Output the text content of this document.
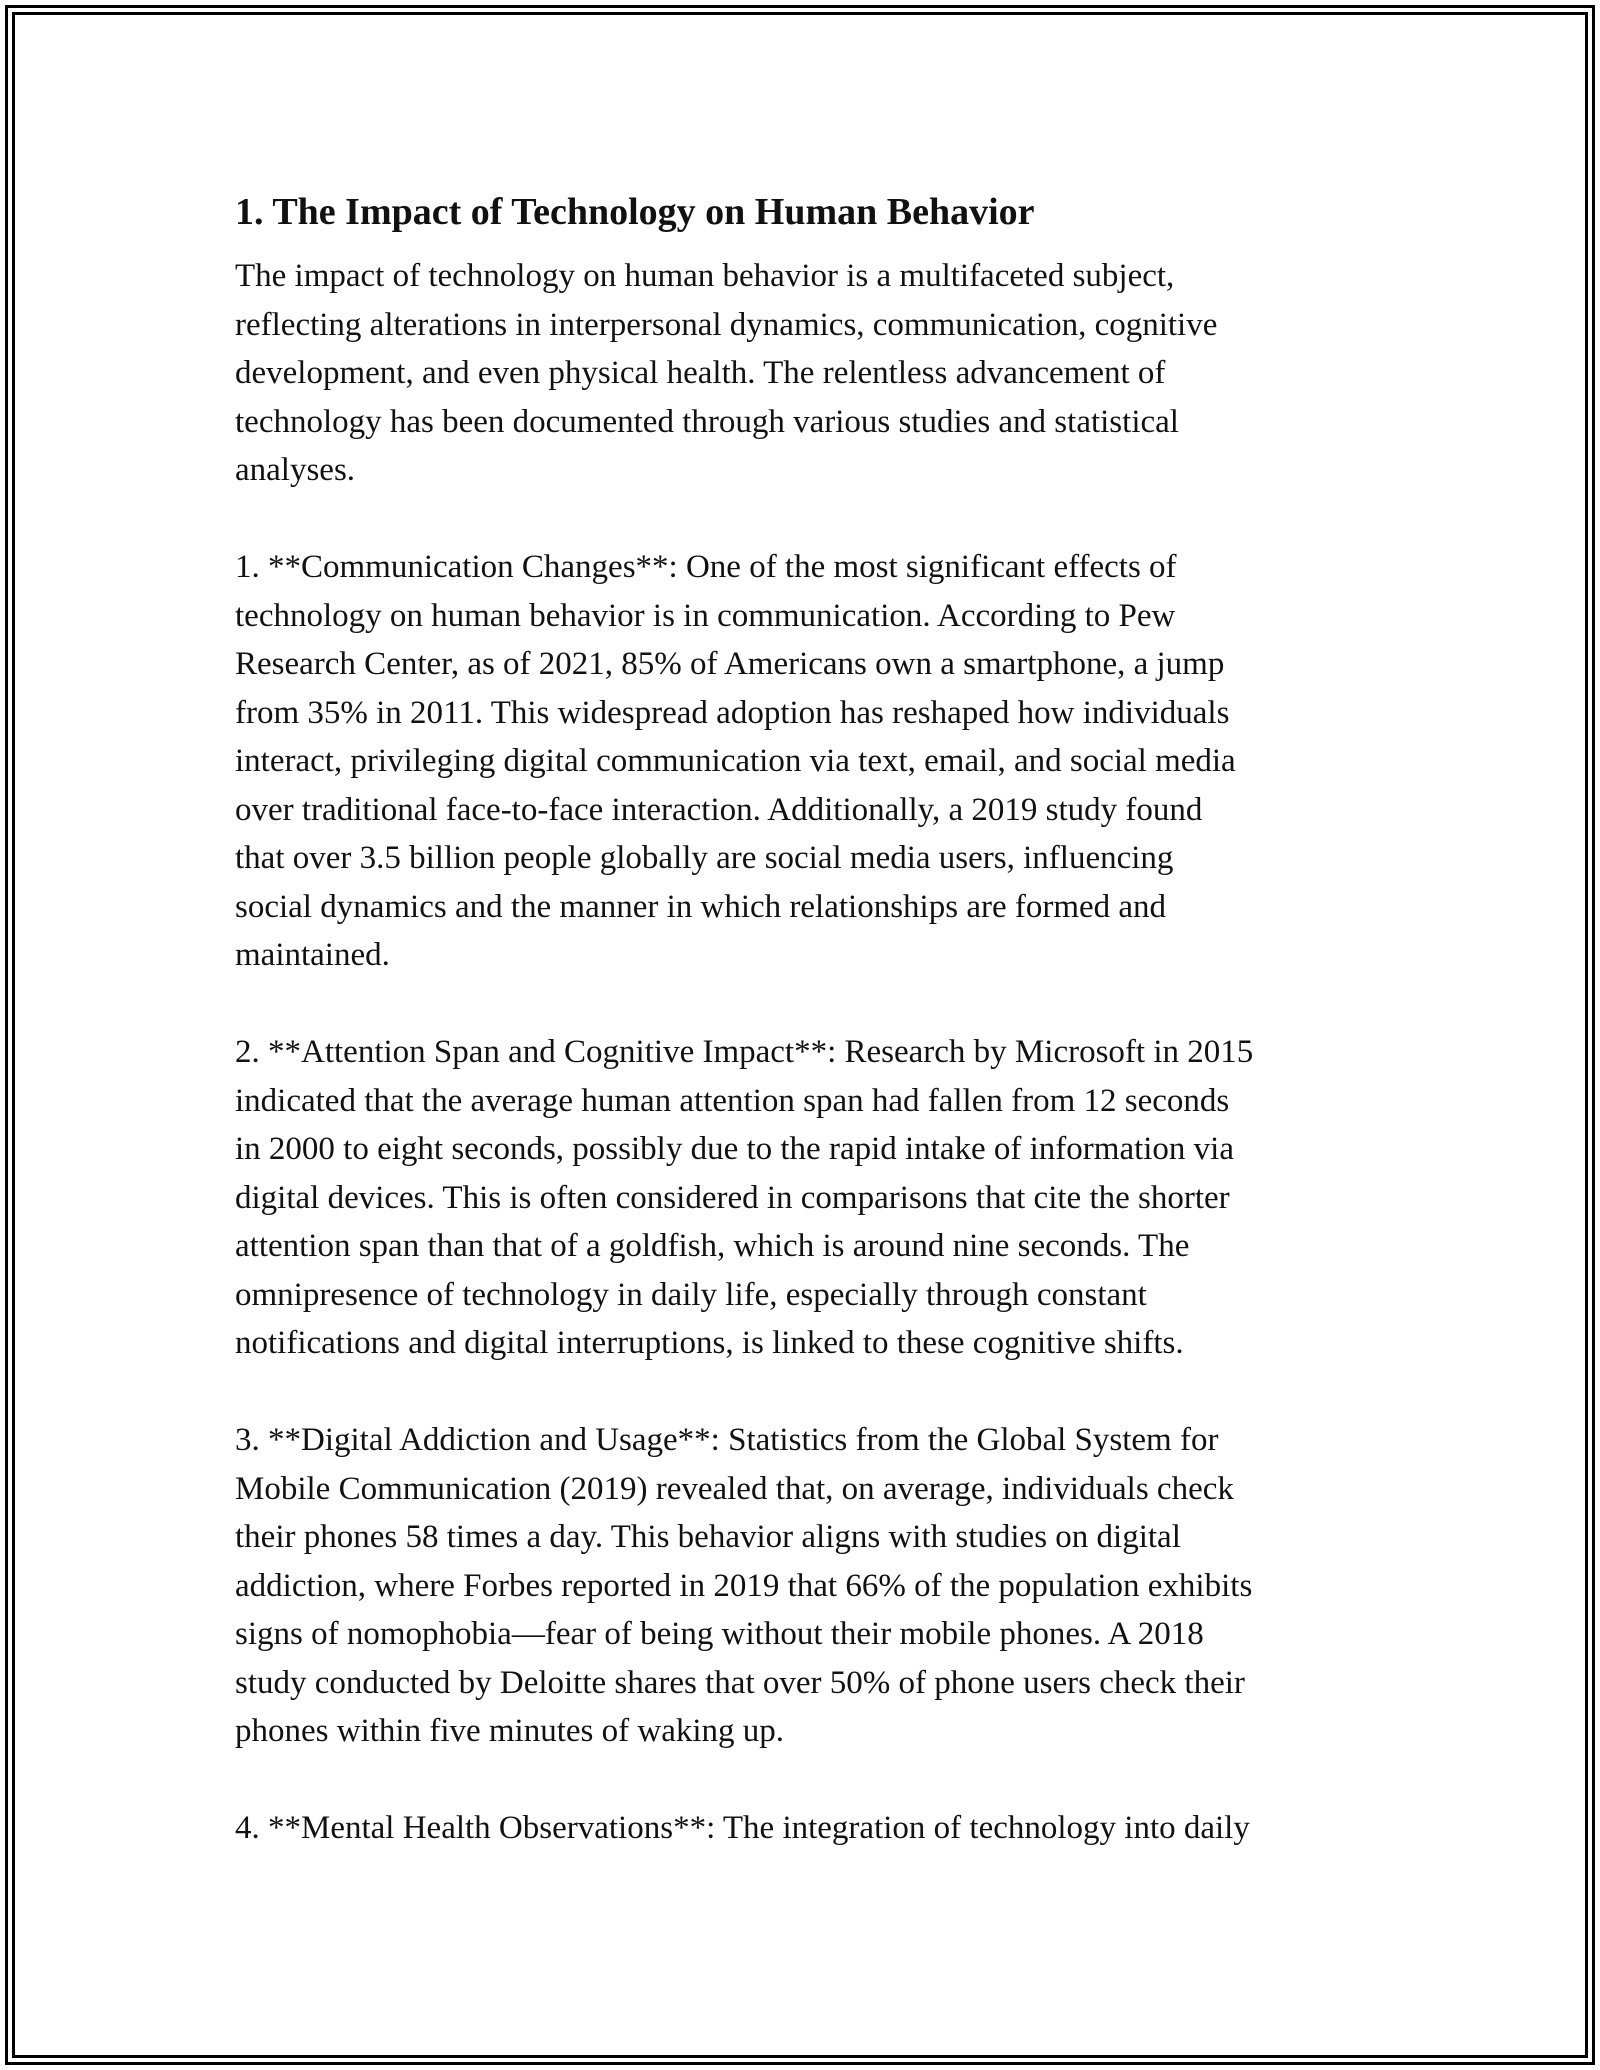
1. The Impact of Technology on Human Behavior

The impact of technology on human behavior is a multifaceted subject,
reflecting alterations in interpersonal dynamics, communication, cognitive
development, and even physical health. The relentless advancement of
technology has been documented through various studies and statistical
analyses.

1. **Communication Changes**: One of the most significant effects of
technology on human behavior is in communication. According to Pew
Research Center, as of 2021, 85% of Americans own a smartphone, a jump
from 35% in 2011. This widespread adoption has reshaped how individuals
interact, privileging digital communication via text, email, and social media
over traditional face-to-face interaction. Additionally, a 2019 study found
that over 3.5 billion people globally are social media users, influencing
social dynamics and the manner in which relationships are formed and
maintained.

2. **Attention Span and Cognitive Impact**: Research by Microsoft in 2015
indicated that the average human attention span had fallen from 12 seconds
in 2000 to eight seconds, possibly due to the rapid intake of information via
digital devices. This is often considered in comparisons that cite the shorter
attention span than that of a goldfish, which is around nine seconds. The
omnipresence of technology in daily life, especially through constant
notifications and digital interruptions, is linked to these cognitive shifts.

3. **Digital Addiction and Usage**: Statistics from the Global System for
Mobile Communication (2019) revealed that, on average, individuals check
their phones 58 times a day. This behavior aligns with studies on digital
addiction, where Forbes reported in 2019 that 66% of the population exhibits
signs of nomophobia—fear of being without their mobile phones. A 2018
study conducted by Deloitte shares that over 50% of phone users check their
phones within five minutes of waking up.

4. **Mental Health Observations**: The integration of technology into daily
